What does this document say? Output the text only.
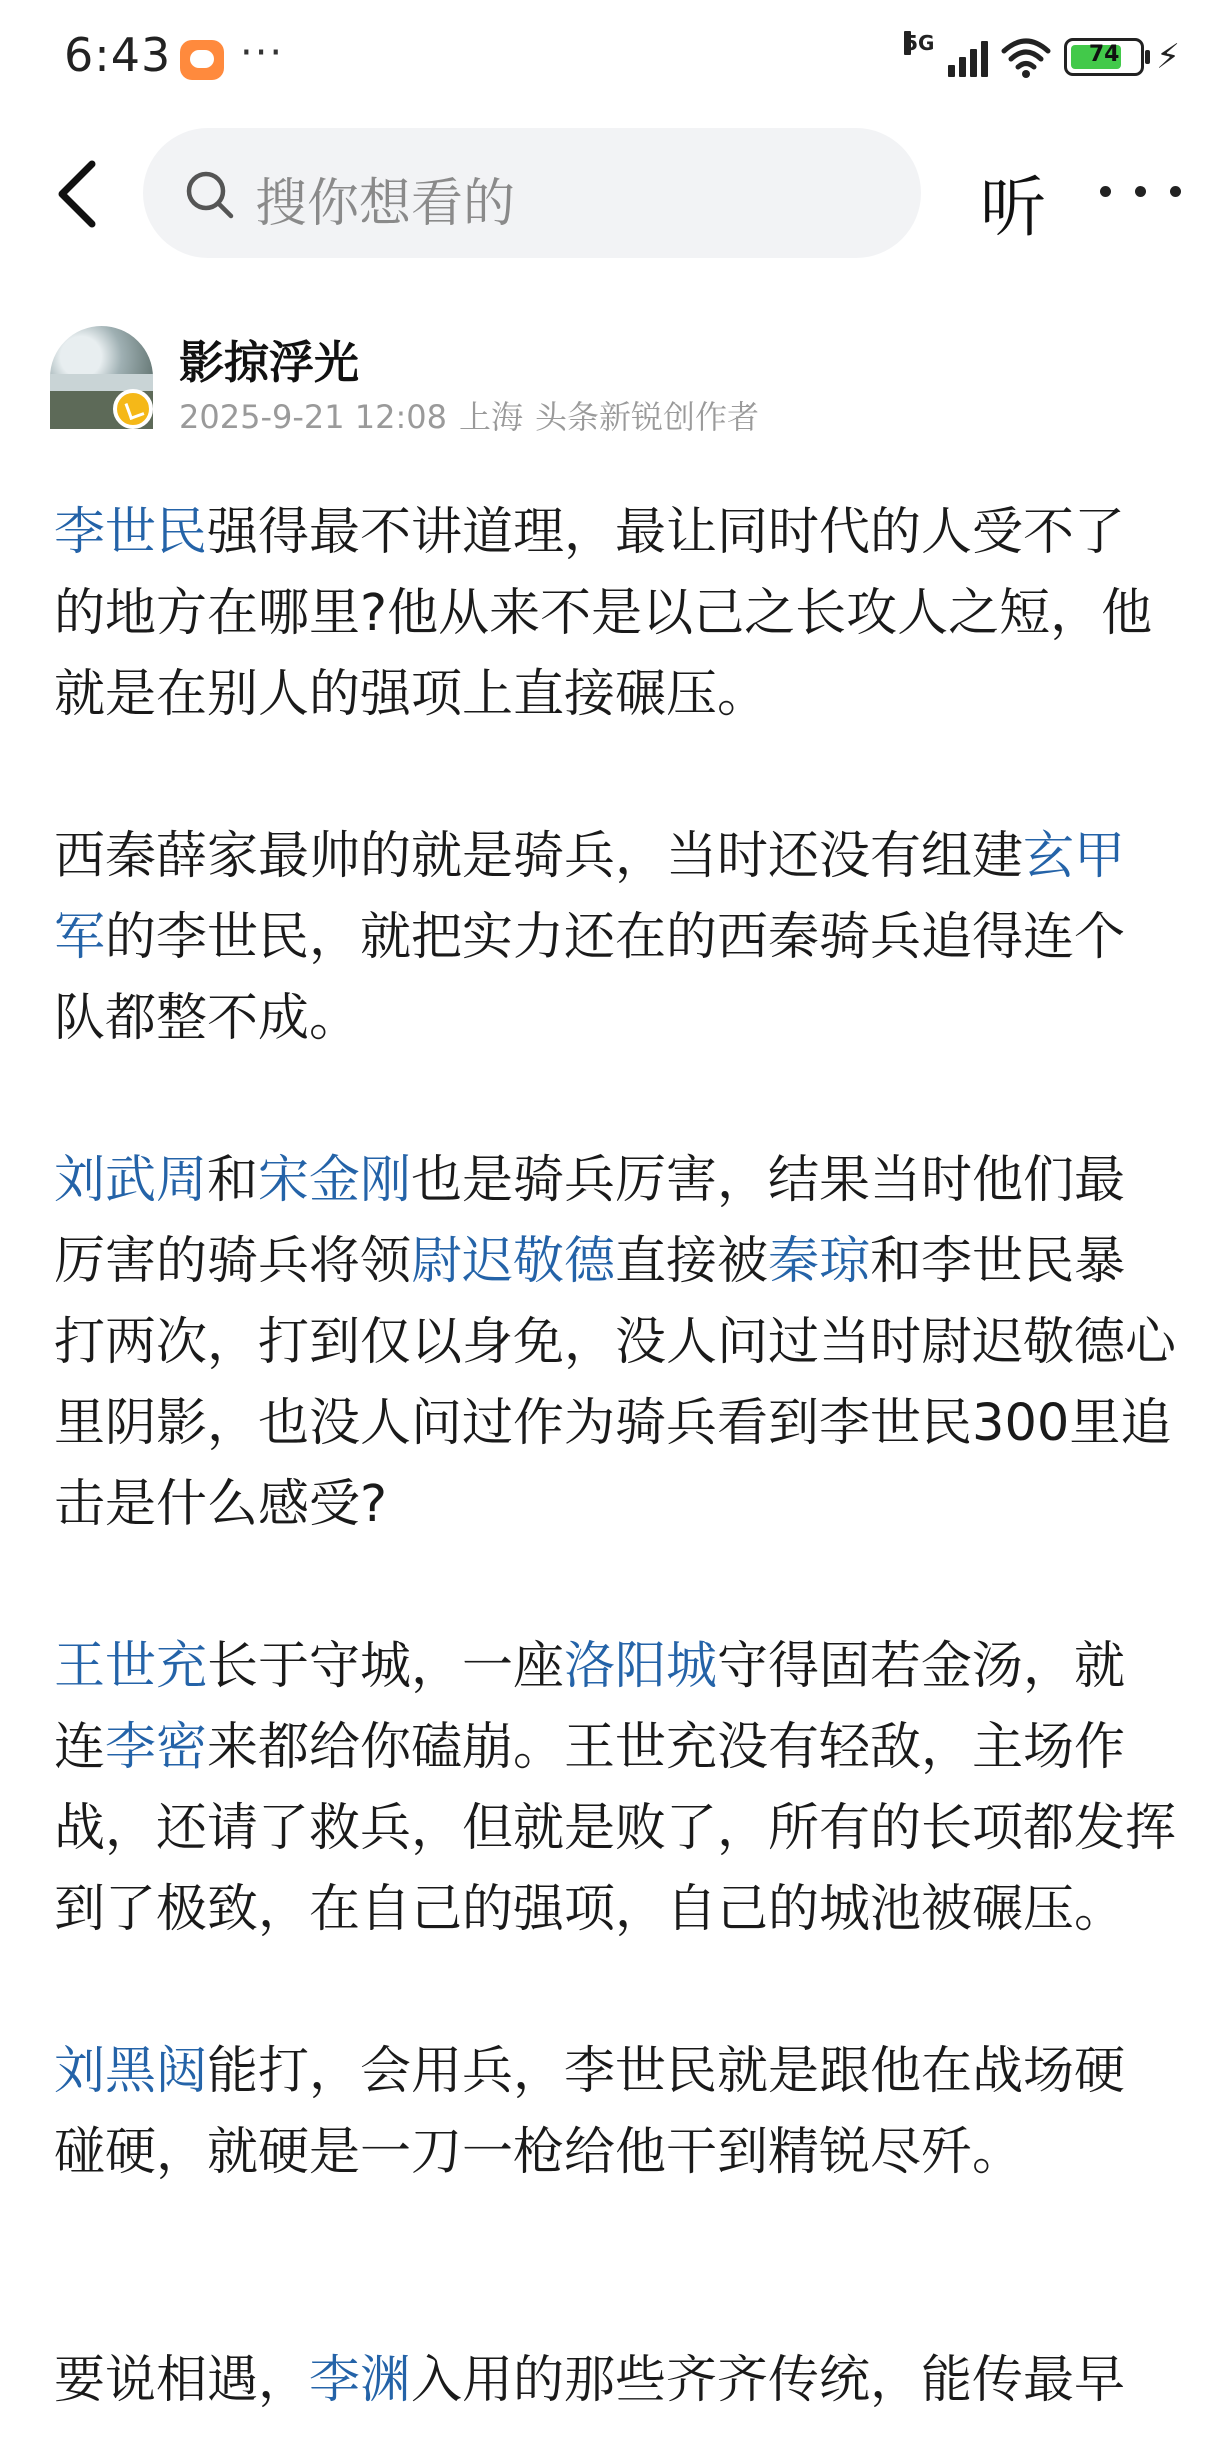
6:43 ···	5G	74	⚡
搜你想看的	听
影掠浮光
2025-9-21 12:08 上海 头条新锐创作者

李世民强得最不讲道理，最让同时代的人受不了的地方在哪里?他从来不是以己之长攻人之短，他就是在别人的强项上直接碾压。

西秦薛家最帅的就是骑兵，当时还没有组建玄甲军的李世民，就把实力还在的西秦骑兵追得连个队都整不成。

刘武周和宋金刚也是骑兵厉害，结果当时他们最厉害的骑兵将领尉迟敬德直接被秦琼和李世民暴打两次，打到仅以身免，没人问过当时尉迟敬德心里阴影，也没人问过作为骑兵看到李世民300里追击是什么感受?

王世充长于守城，一座洛阳城守得固若金汤，就连李密来都给你磕崩。王世充没有轻敌，主场作战，还请了救兵，但就是败了，所有的长项都发挥到了极致，在自己的强项，自己的城池被碾压。

刘黑闼能打，会用兵，李世民就是跟他在战场硬碰硬，就硬是一刀一枪给他干到精锐尽歼。

要说相遇，李渊入用的那些齐齐传统，能传最早
